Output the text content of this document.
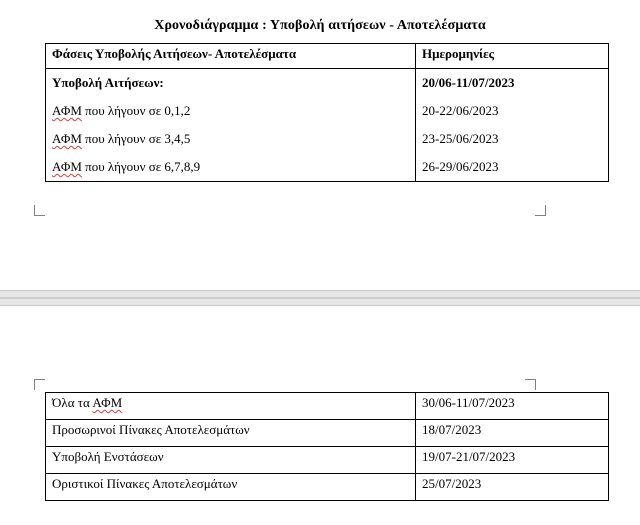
Χρονοδιάγραμμα : Υποβολή αιτήσεων - Αποτελέσματα
Φάσεις Υποβολής Αιτήσεων- Αποτελέσματα	Ημερομηνίες
Υποβολή Αιτήσεων:	20/06-11/07/2023
ΑΦΜ που λήγουν σε 0,1,2	20-22/06/2023
ΑΦΜ που λήγουν σε 3,4,5	23-25/06/2023
ΑΦΜ που λήγουν σε 6,7,8,9	26-29/06/2023
Όλα τα ΑΦΜ	30/06-11/07/2023
Προσωρινοί Πίνακες Αποτελεσμάτων	18/07/2023
Υποβολή Ενστάσεων	19/07-21/07/2023
Οριστικοί Πίνακες Αποτελεσμάτων	25/07/2023
